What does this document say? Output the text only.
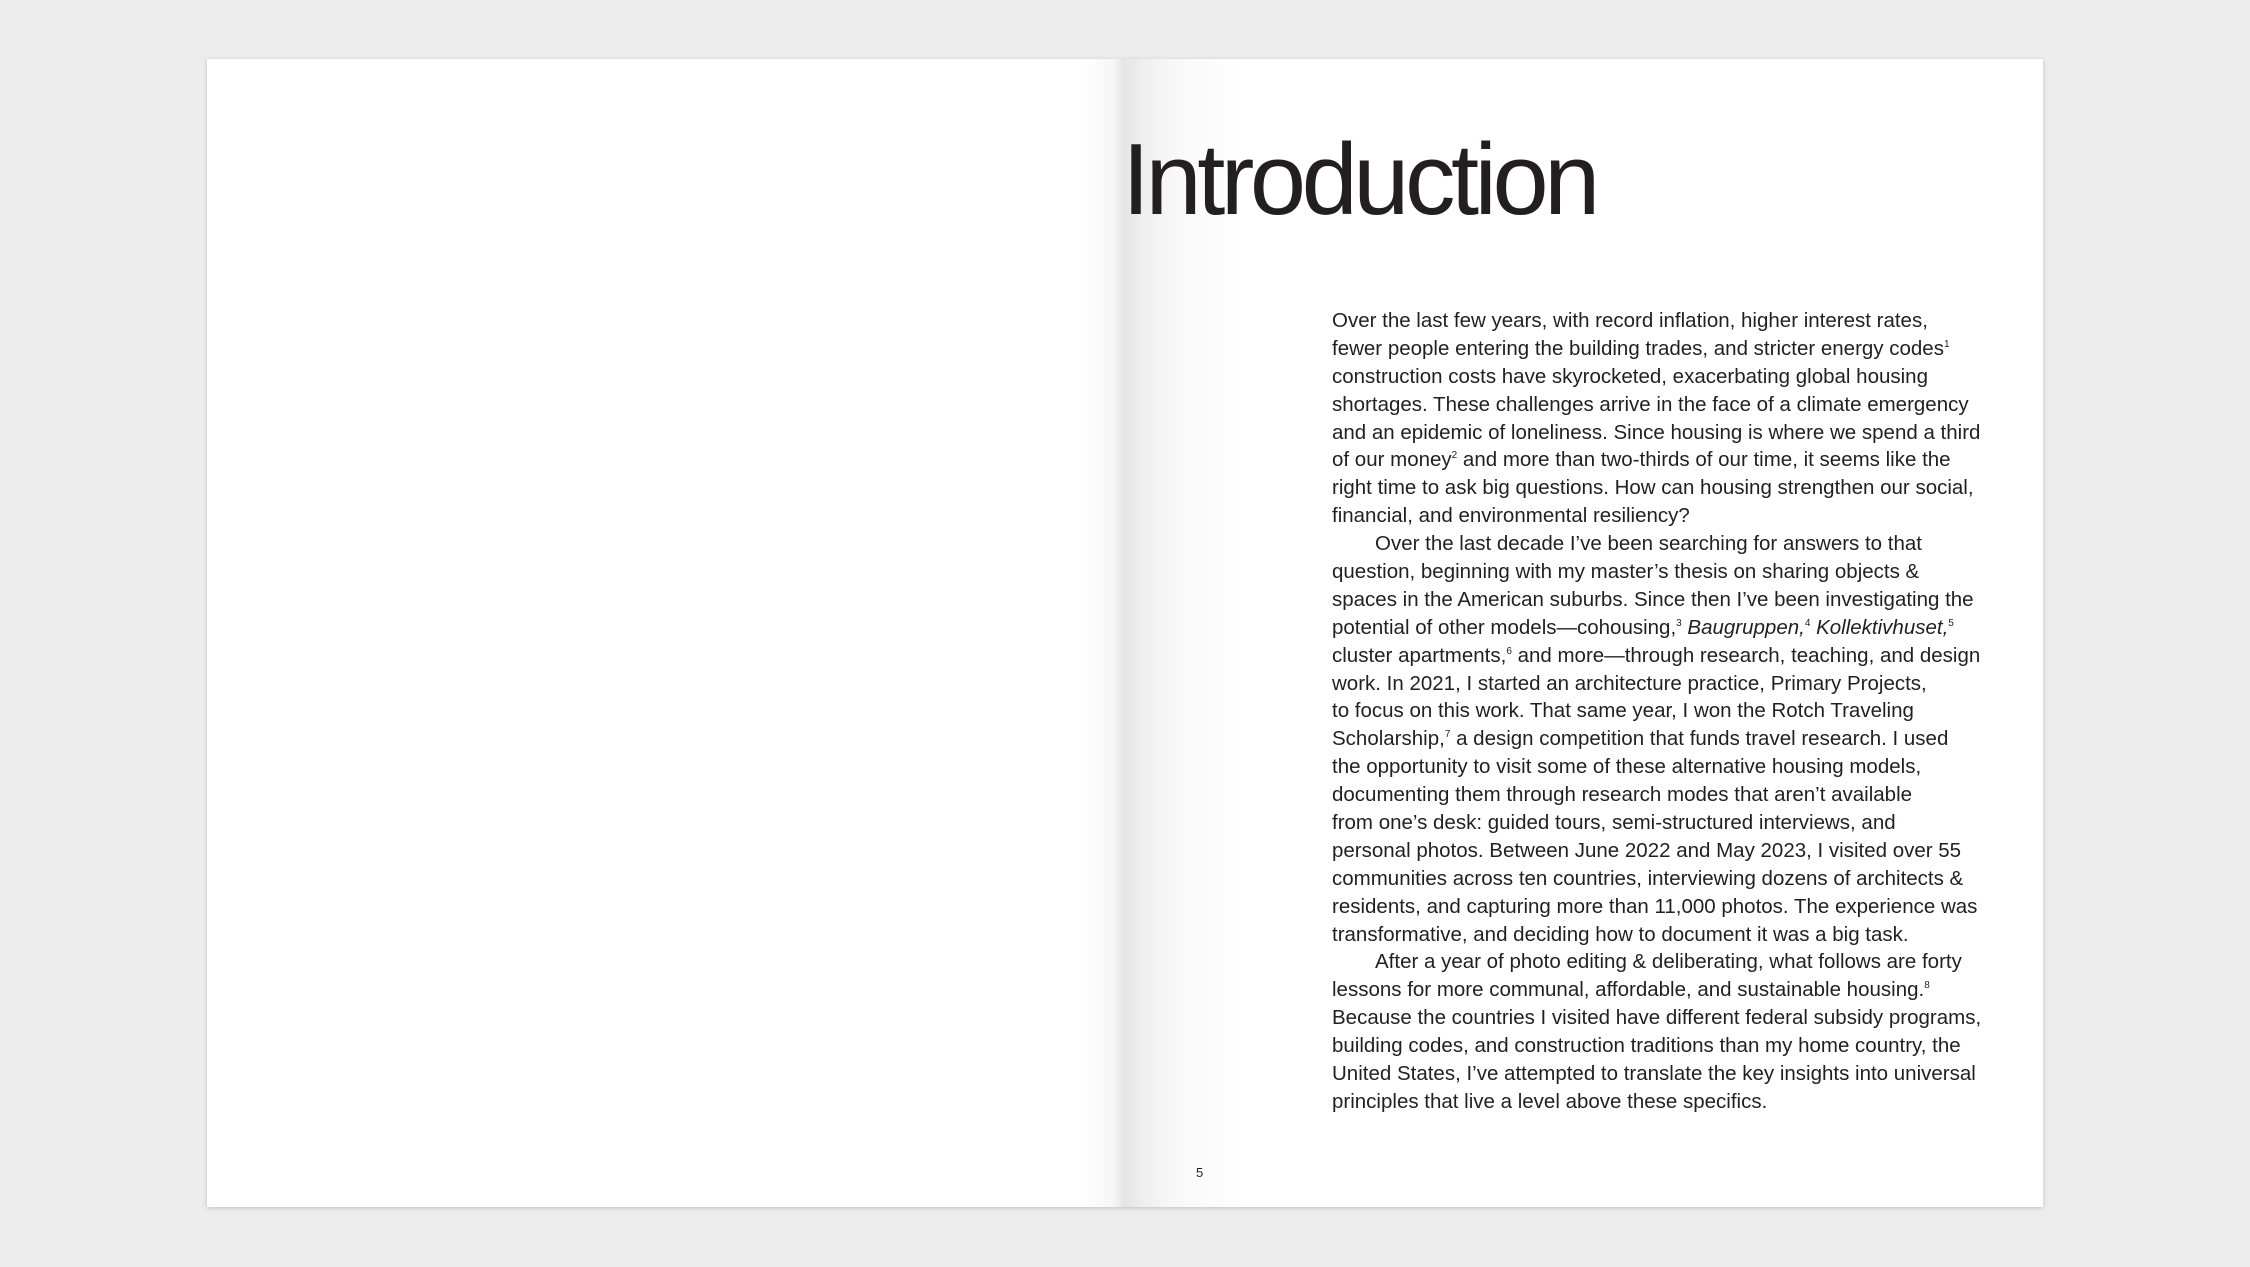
Introduction
Over the last few years, with record inflation, higher interest rates,
fewer people entering the building trades, and stricter energy codes$^1$
construction costs have skyrocketed, exacerbating global housing
shortages. These challenges arrive in the face of a climate emergency
and an epidemic of loneliness. Since housing is where we spend a third
of our money$^2$ and more than two-thirds of our time, it seems like the
right time to ask big questions. How can housing strengthen our social,
financial, and environmental resiliency?
Over the last decade I’ve been searching for answers to that
question, beginning with my master’s thesis on sharing objects &
spaces in the American suburbs. Since then I’ve been investigating the
potential of other models—cohousing,$^3$ Baugruppen,$^4$ Kollektivhuset,$^5$
cluster apartments,$^6$ and more—through research, teaching, and design
work. In 2021, I started an architecture practice, Primary Projects,
to focus on this work. That same year, I won the Rotch Traveling
Scholarship,$^7$ a design competition that funds travel research. I used
the opportunity to visit some of these alternative housing models,
documenting them through research modes that aren’t available
from one’s desk: guided tours, semi-structured interviews, and
personal photos. Between June 2022 and May 2023, I visited over 55
communities across ten countries, interviewing dozens of architects &
residents, and capturing more than 11,000 photos. The experience was
transformative, and deciding how to document it was a big task.
After a year of photo editing & deliberating, what follows are forty
lessons for more communal, affordable, and sustainable housing.$^8$
Because the countries I visited have different federal subsidy programs,
building codes, and construction traditions than my home country, the
United States, I’ve attempted to translate the key insights into universal
principles that live a level above these specifics.
5
